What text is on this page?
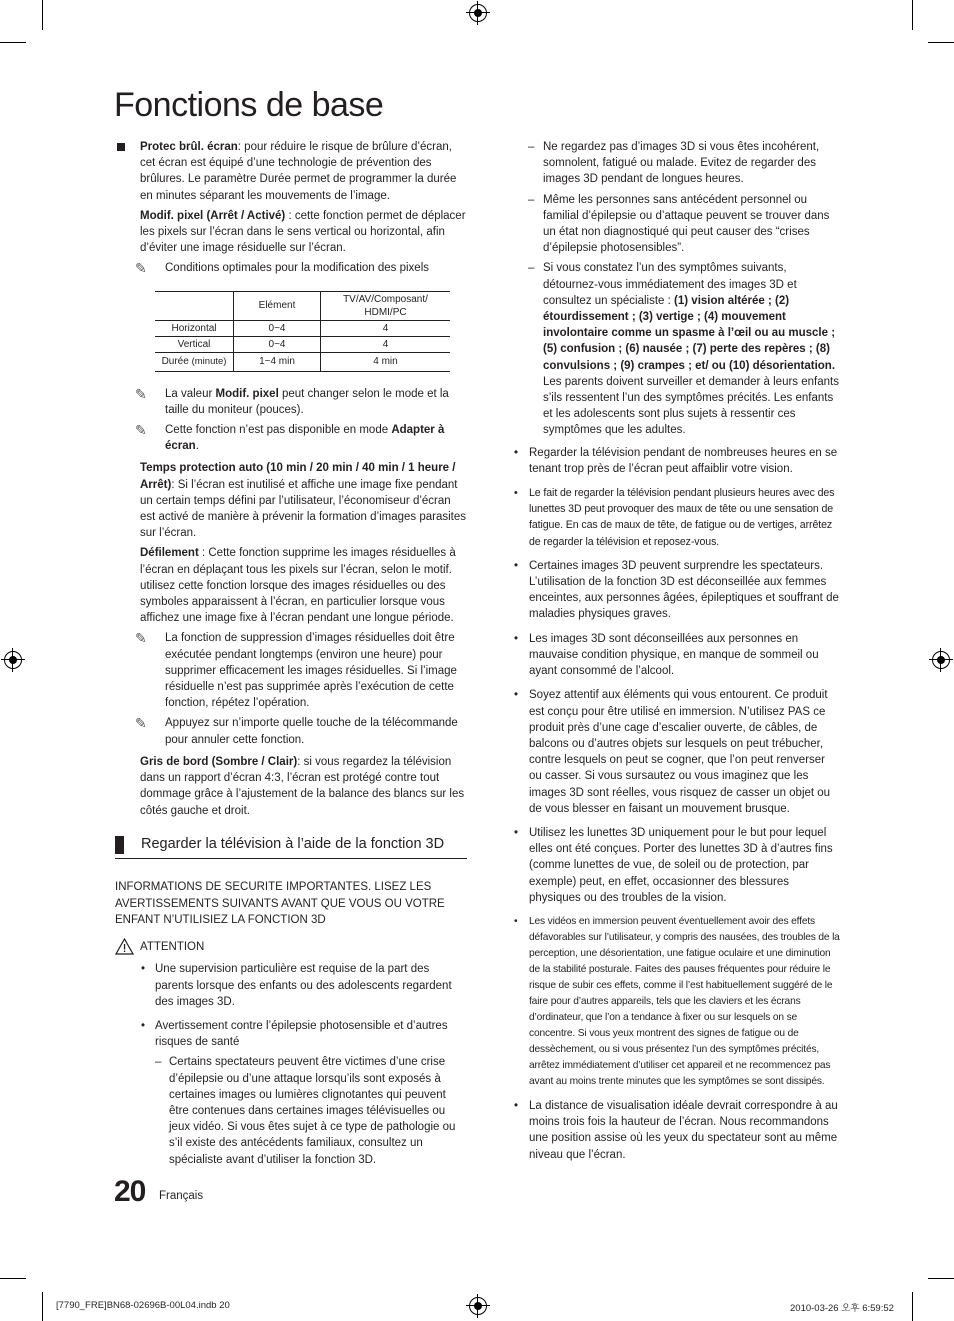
Fonctions de base

Protec brûl. écran: pour réduire le risque de brûlure d’écran, cet écran est équipé d’une technologie de prévention des brûlures. Le paramètre Durée permet de programmer la durée en minutes séparant les mouvements de l’image.

Modif. pixel (Arrêt / Activé) : cette fonction permet de déplacer les pixels sur l’écran dans le sens vertical ou horizontal, afin d’éviter une image résiduelle sur l’écran.

✎ Conditions optimales pour la modification des pixels
	Elément	TV/AV/Composant/ HDMI/PC
Horizontal	0~4	4
Vertical	0~4	4
Durée (minute)	1~4 min	4 min
✎ La valeur Modif. pixel peut changer selon le mode et la taille du moniteur (pouces).
✎ Cette fonction n’est pas disponible en mode Adapter à écran.

Temps protection auto (10 min / 20 min / 40 min / 1 heure / Arrêt): Si l’écran est inutilisé et affiche une image fixe pendant un certain temps défini par l’utilisateur, l’économiseur d’écran est activé de manière à prévenir la formation d’images parasites sur l’écran.

Défilement : Cette fonction supprime les images résiduelles à l’écran en déplaçant tous les pixels sur l’écran, selon le motif. utilisez cette fonction lorsque des images résiduelles ou des symboles apparaissent à l’écran, en particulier lorsque vous affichez une image fixe à l’écran pendant une longue période.

✎ La fonction de suppression d’images résiduelles doit être exécutée pendant longtemps (environ une heure) pour supprimer efficacement les images résiduelles. Si l’image résiduelle n’est pas supprimée après l’exécution de cette fonction, répétez l’opération.
✎ Appuyez sur n’importe quelle touche de la télécommande pour annuler cette fonction.

Gris de bord (Sombre / Clair): si vous regardez la télévision dans un rapport d’écran 4:3, l’écran est protégé contre tout dommage grâce à l’ajustement de la balance des blancs sur les côtés gauche et droit.

Regarder la télévision à l’aide de la fonction 3D
INFORMATIONS DE SECURITE IMPORTANTES. LISEZ LES AVERTISSEMENTS SUIVANTS AVANT QUE VOUS OU VOTRE ENFANT N’UTILISIEZ LA FONCTION 3D
ATTENTION
• Une supervision particulière est requise de la part des parents lorsque des enfants ou des adolescents regardent des images 3D.
• Avertissement contre l’épilepsie photosensible et d’autres risques de santé
– Certains spectateurs peuvent être victimes d’une crise d’épilepsie ou d’une attaque lorsqu’ils sont exposés à certaines images ou lumières clignotantes qui peuvent être contenues dans certaines images télévisuelles ou jeux vidéo. Si vous êtes sujet à ce type de pathologie ou s’il existe des antécédents familiaux, consultez un spécialiste avant d’utiliser la fonction 3D.
– Ne regardez pas d’images 3D si vous êtes incohérent, somnolent, fatigué ou malade. Evitez de regarder des images 3D pendant de longues heures.
– Même les personnes sans antécédent personnel ou familial d’épilepsie ou d’attaque peuvent se trouver dans un état non diagnostiqué qui peut causer des “crises d’épilepsie photosensibles”.
– Si vous constatez l’un des symptômes suivants, détournez-vous immédiatement des images 3D et consultez un spécialiste : (1) vision altérée ; (2) étourdissement ; (3) vertige ; (4) mouvement involontaire comme un spasme à l’œil ou au muscle ; (5) confusion ; (6) nausée ; (7) perte des repères ; (8) convulsions ; (9) crampes ; et/ ou (10) désorientation. Les parents doivent surveiller et demander à leurs enfants s’ils ressentent l’un des symptômes précités. Les enfants et les adolescents sont plus sujets à ressentir ces symptômes que les adultes.
• Regarder la télévision pendant de nombreuses heures en se tenant trop près de l’écran peut affaiblir votre vision.
• Le fait de regarder la télévision pendant plusieurs heures avec des lunettes 3D peut provoquer des maux de tête ou une sensation de fatigue. En cas de maux de tête, de fatigue ou de vertiges, arrêtez de regarder la télévision et reposez-vous.
• Certaines images 3D peuvent surprendre les spectateurs. L’utilisation de la fonction 3D est déconseillée aux femmes enceintes, aux personnes âgées, épileptiques et souffrant de maladies physiques graves.
• Les images 3D sont déconseillées aux personnes en mauvaise condition physique, en manque de sommeil ou ayant consommé de l’alcool.
• Soyez attentif aux éléments qui vous entourent. Ce produit est conçu pour être utilisé en immersion. N’utilisez PAS ce produit près d’une cage d’escalier ouverte, de câbles, de balcons ou d’autres objets sur lesquels on peut trébucher, contre lesquels on peut se cogner, que l’on peut renverser ou casser. Si vous sursautez ou vous imaginez que les images 3D sont réelles, vous risquez de casser un objet ou de vous blesser en faisant un mouvement brusque.
• Utilisez les lunettes 3D uniquement pour le but pour lequel elles ont été conçues. Porter des lunettes 3D à d’autres fins (comme lunettes de vue, de soleil ou de protection, par exemple) peut, en effet, occasionner des blessures physiques ou des troubles de la vision.
• Les vidéos en immersion peuvent éventuellement avoir des effets défavorables sur l’utilisateur, y compris des nausées, des troubles de la perception, une désorientation, une fatigue oculaire et une diminution de la stabilité posturale. Faites des pauses fréquentes pour réduire le risque de subir ces effets, comme il l’est habituellement suggéré de le faire pour d’autres appareils, tels que les claviers et les écrans d’ordinateur, que l’on a tendance à fixer ou sur lesquels on se concentre. Si vous yeux montrent des signes de fatigue ou de dessèchement, ou si vous présentez l’un des symptômes précités, arrêtez immédiatement d’utiliser cet appareil et ne recommencez pas avant au moins trente minutes que les symptômes se sont dissipés.
• La distance de visualisation idéale devrait correspondre à au moins trois fois la hauteur de l’écran. Nous recommandons une position assise où les yeux du spectateur sont au même niveau que l’écran.
20 Français
[7790_FRE]BN68-02696B-00L04.indb 20	2010-03-26 오후 6:59:52
